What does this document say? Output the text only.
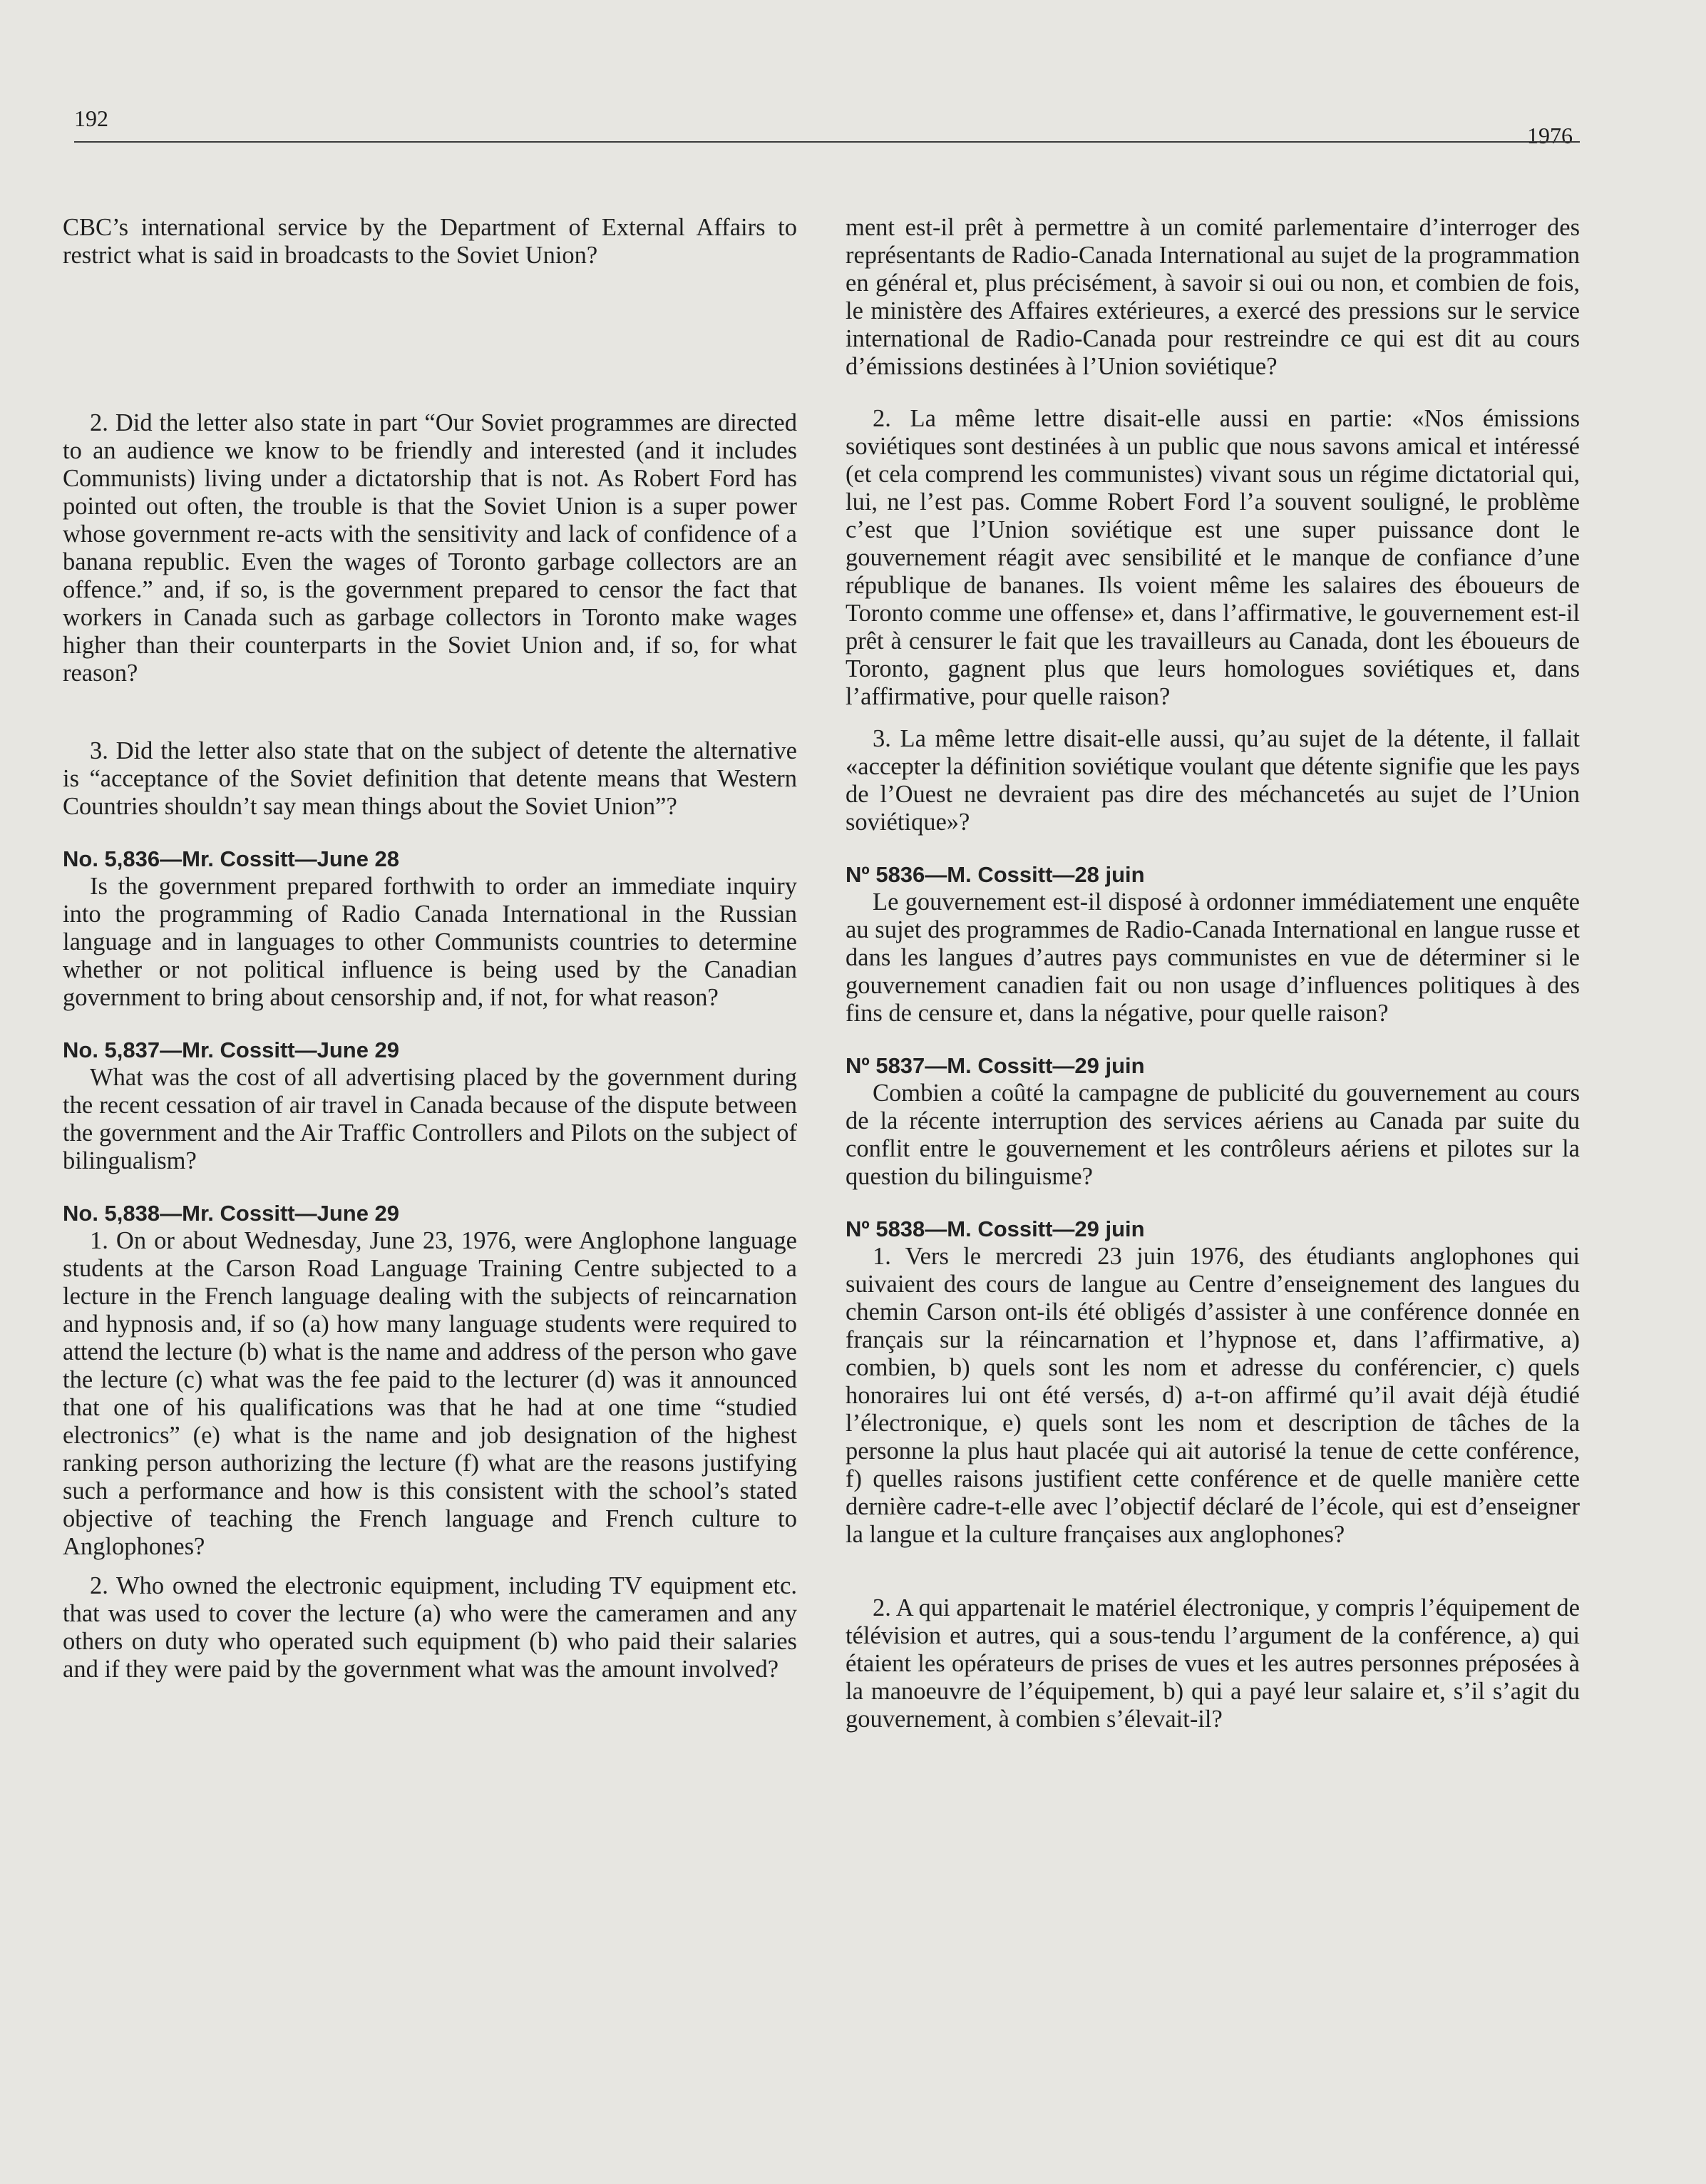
192
1976

CBC’s international service by the Department of External Affairs to restrict what is said in broadcasts to the Soviet Union?

2. Did the letter also state in part “Our Soviet programmes are directed to an audience we know to be friendly and interested (and it includes Communists) living under a dictatorship that is not. As Robert Ford has pointed out often, the trouble is that the Soviet Union is a super power whose government re-acts with the sensitivity and lack of confidence of a banana republic. Even the wages of Toronto garbage collectors are an offence.” and, if so, is the government prepared to censor the fact that workers in Canada such as garbage collectors in Toronto make wages higher than their counterparts in the Soviet Union and, if so, for what reason?

3. Did the letter also state that on the subject of detente the alternative is “acceptance of the Soviet definition that detente means that Western Countries shouldn’t say mean things about the Soviet Union”?

No. 5,836—Mr. Cossitt—June 28

Is the government prepared forthwith to order an immediate inquiry into the programming of Radio Canada International in the Russian language and in languages to other Communists countries to determine whether or not political influence is being used by the Canadian government to bring about censorship and, if not, for what reason?

No. 5,837—Mr. Cossitt—June 29

What was the cost of all advertising placed by the government during the recent cessation of air travel in Canada because of the dispute between the government and the Air Traffic Controllers and Pilots on the subject of bilingualism?

No. 5,838—Mr. Cossitt—June 29

1. On or about Wednesday, June 23, 1976, were Anglophone language students at the Carson Road Language Training Centre subjected to a lecture in the French language dealing with the subjects of reincarnation and hypnosis and, if so (a) how many language students were required to attend the lecture (b) what is the name and address of the person who gave the lecture (c) what was the fee paid to the lecturer (d) was it announced that one of his qualifications was that he had at one time “studied electronics” (e) what is the name and job designation of the highest ranking person authorizing the lecture (f) what are the reasons justifying such a performance and how is this consistent with the school’s stated objective of teaching the French language and French culture to Anglophones?

2. Who owned the electronic equipment, including TV equipment etc. that was used to cover the lecture (a) who were the cameramen and any others on duty who operated such equipment (b) who paid their salaries and if they were paid by the government what was the amount involved?

ment est-il prêt à permettre à un comité parlementaire d’interroger des représentants de Radio-Canada International au sujet de la programmation en général et, plus précisément, à savoir si oui ou non, et combien de fois, le ministère des Affaires extérieures, a exercé des pressions sur le service international de Radio-Canada pour restreindre ce qui est dit au cours d’émissions destinées à l’Union soviétique?

2. La même lettre disait-elle aussi en partie: «Nos émissions soviétiques sont destinées à un public que nous savons amical et intéressé (et cela comprend les communistes) vivant sous un régime dictatorial qui, lui, ne l’est pas. Comme Robert Ford l’a souvent souligné, le problème c’est que l’Union soviétique est une super puissance dont le gouvernement réagit avec sensibilité et le manque de confiance d’une république de bananes. Ils voient même les salaires des éboueurs de Toronto comme une offense» et, dans l’affirmative, le gouvernement est-il prêt à censurer le fait que les travailleurs au Canada, dont les éboueurs de Toronto, gagnent plus que leurs homologues soviétiques et, dans l’affirmative, pour quelle raison?

3. La même lettre disait-elle aussi, qu’au sujet de la détente, il fallait «accepter la définition soviétique voulant que détente signifie que les pays de l’Ouest ne devraient pas dire des méchancetés au sujet de l’Union soviétique»?

Nº 5836—M. Cossitt—28 juin

Le gouvernement est-il disposé à ordonner immédiatement une enquête au sujet des programmes de Radio-Canada International en langue russe et dans les langues d’autres pays communistes en vue de déterminer si le gouvernement canadien fait ou non usage d’influences politiques à des fins de censure et, dans la négative, pour quelle raison?

Nº 5837—M. Cossitt—29 juin

Combien a coûté la campagne de publicité du gouvernement au cours de la récente interruption des services aériens au Canada par suite du conflit entre le gouvernement et les contrôleurs aériens et pilotes sur la question du bilinguisme?

Nº 5838—M. Cossitt—29 juin

1. Vers le mercredi 23 juin 1976, des étudiants anglophones qui suivaient des cours de langue au Centre d’enseignement des langues du chemin Carson ont-ils été obligés d’assister à une conférence donnée en français sur la réincarnation et l’hypnose et, dans l’affirmative, a) combien, b) quels sont les nom et adresse du conférencier, c) quels honoraires lui ont été versés, d) a-t-on affirmé qu’il avait déjà étudié l’électronique, e) quels sont les nom et description de tâches de la personne la plus haut placée qui ait autorisé la tenue de cette conférence, f) quelles raisons justifient cette conférence et de quelle manière cette dernière cadre-t-elle avec l’objectif déclaré de l’école, qui est d’enseigner la langue et la culture françaises aux anglophones?

2. A qui appartenait le matériel électronique, y compris l’équipement de télévision et autres, qui a sous-tendu l’argument de la conférence, a) qui étaient les opérateurs de prises de vues et les autres personnes préposées à la manoeuvre de l’équipement, b) qui a payé leur salaire et, s’il s’agit du gouvernement, à combien s’élevait-il?
